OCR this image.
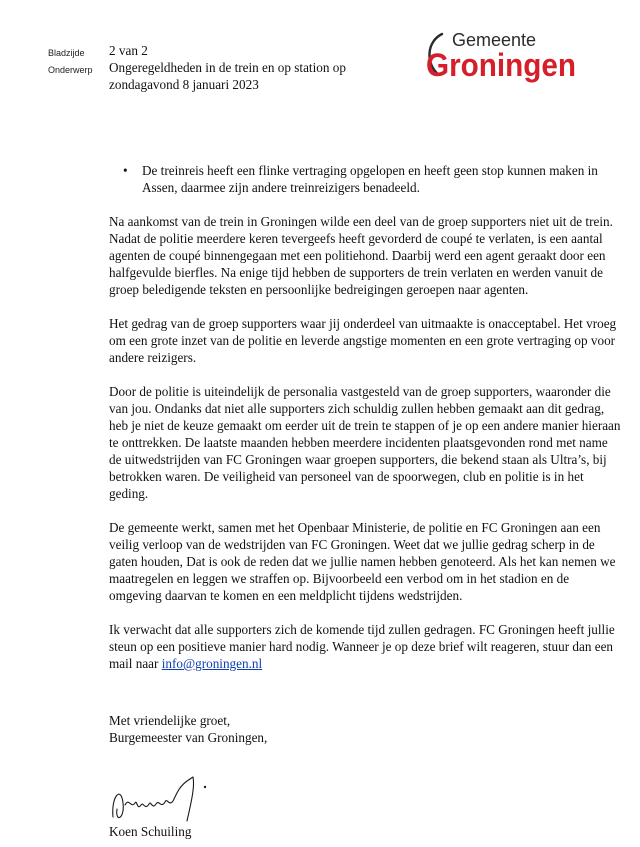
Bladzijde
Onderwerp
2 van 2
Ongeregeldheden in de trein en op station op
zondagavond 8 januari 2023
Gemeente
Groningen
•	De treinreis heeft een flinke vertraging opgelopen en heeft geen stop kunnen maken in Assen, daarmee zijn andere treinreizigers benadeeld.

Na aankomst van de trein in Groningen wilde een deel van de groep supporters niet uit de trein. Nadat de politie meerdere keren tevergeefs heeft gevorderd de coupé te verlaten, is een aantal agenten de coupé binnengegaan met een politiehond. Daarbij werd een agent geraakt door een halfgevulde bierfles. Na enige tijd hebben de supporters de trein verlaten en werden vanuit de groep beledigende teksten en persoonlijke bedreigingen geroepen naar agenten.

Het gedrag van de groep supporters waar jij onderdeel van uitmaakte is onacceptabel. Het vroeg om een grote inzet van de politie en leverde angstige momenten en een grote vertraging op voor andere reizigers.

Door de politie is uiteindelijk de personalia vastgesteld van de groep supporters, waaronder die van jou. Ondanks dat niet alle supporters zich schuldig zullen hebben gemaakt aan dit gedrag, heb je niet de keuze gemaakt om eerder uit de trein te stappen of je op een andere manier hieraan te onttrekken. De laatste maanden hebben meerdere incidenten plaatsgevonden rond met name de uitwedstrijden van FC Groningen waar groepen supporters, die bekend staan als Ultra’s, bij betrokken waren. De veiligheid van personeel van de spoorwegen, club en politie is in het geding.

De gemeente werkt, samen met het Openbaar Ministerie, de politie en FC Groningen aan een veilig verloop van de wedstrijden van FC Groningen. Weet dat we jullie gedrag scherp in de gaten houden, Dat is ook de reden dat we jullie namen hebben genoteerd. Als het kan nemen we maatregelen en leggen we straffen op. Bijvoorbeeld een verbod om in het stadion en de omgeving daarvan te komen en een meldplicht tijdens wedstrijden.

Ik verwacht dat alle supporters zich de komende tijd zullen gedragen. FC Groningen heeft jullie steun op een positieve manier hard nodig. Wanneer je op deze brief wilt reageren, stuur dan een mail naar info@groningen.nl

Met vriendelijke groet,
Burgemeester van Groningen,
Koen Schuiling
